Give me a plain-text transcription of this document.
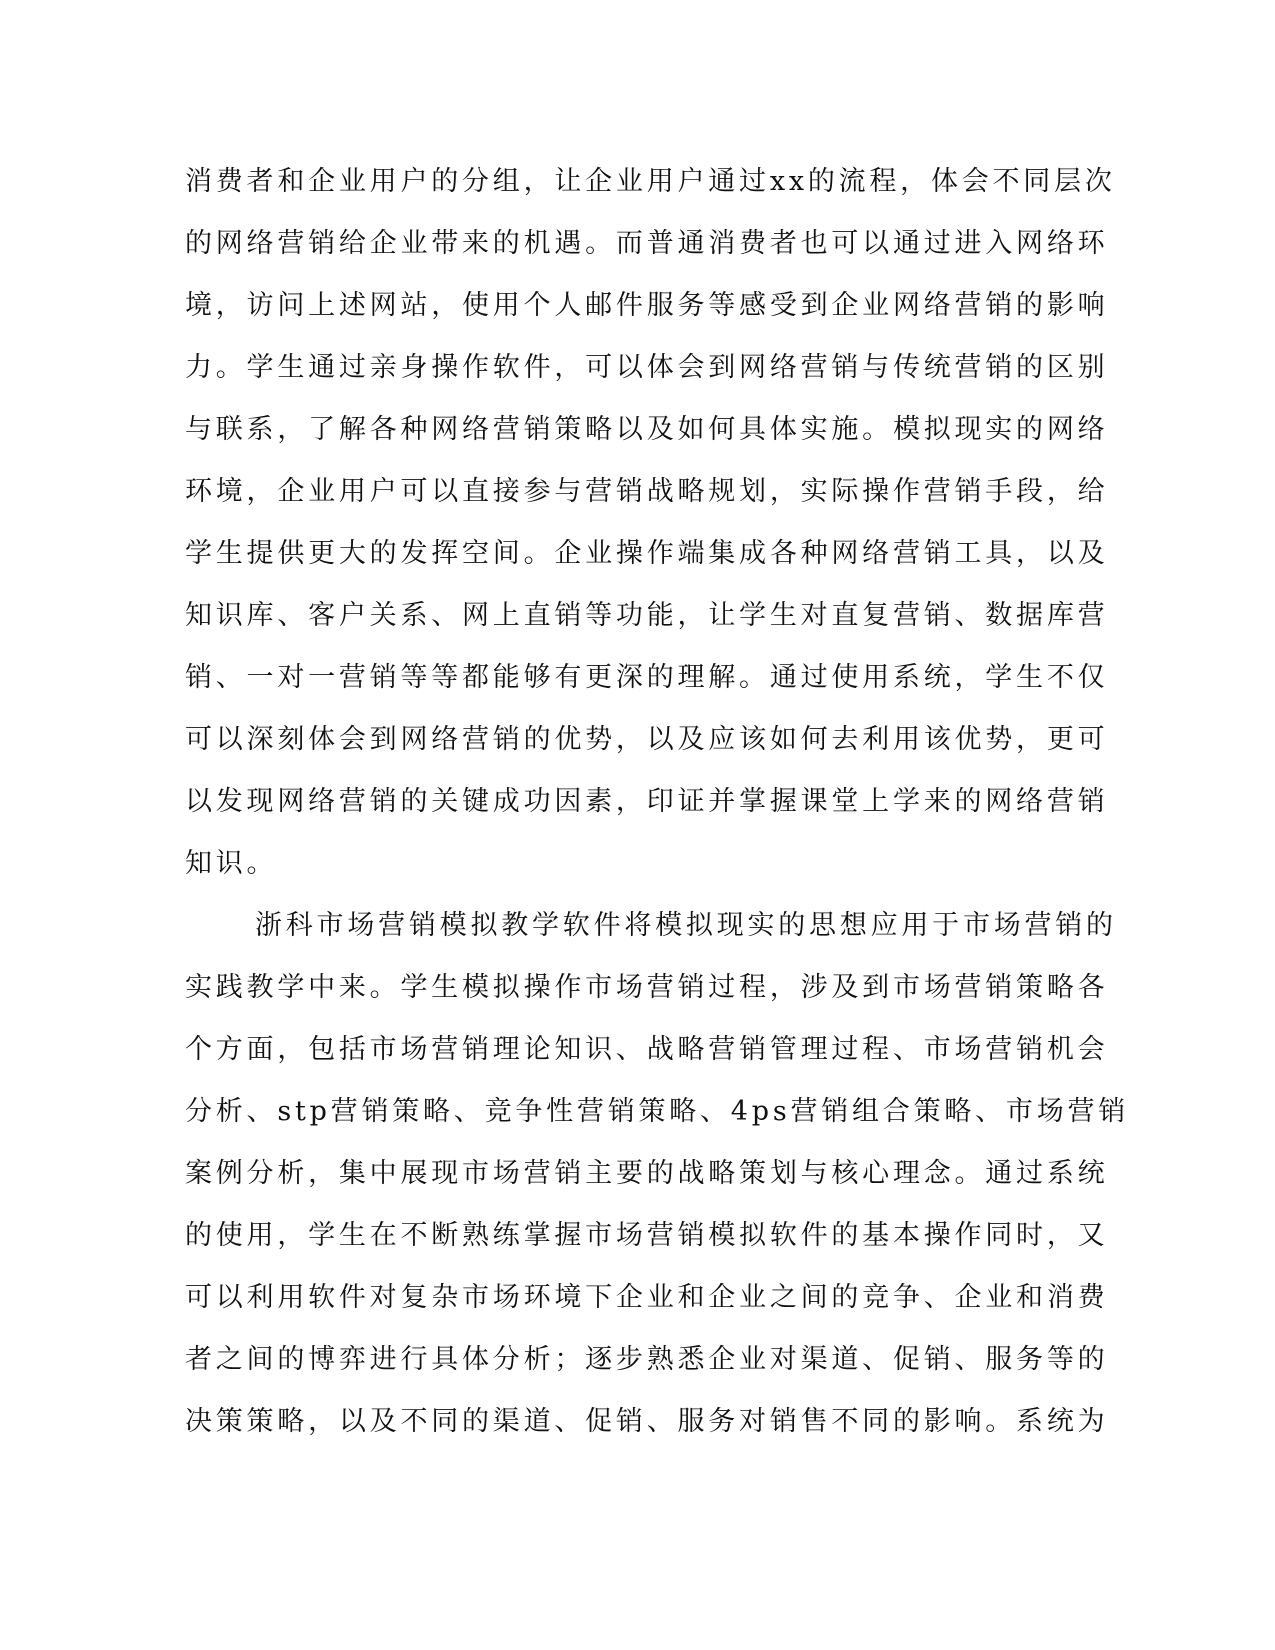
消费者和企业用户的分组，让企业用户通过xx的流程，体会不同层次
的网络营销给企业带来的机遇。而普通消费者也可以通过进入网络环
境，访问上述网站，使用个人邮件服务等感受到企业网络营销的影响
力。学生通过亲身操作软件，可以体会到网络营销与传统营销的区别
与联系，了解各种网络营销策略以及如何具体实施。模拟现实的网络
环境，企业用户可以直接参与营销战略规划，实际操作营销手段，给
学生提供更大的发挥空间。企业操作端集成各种网络营销工具，以及
知识库、客户关系、网上直销等功能，让学生对直复营销、数据库营
销、一对一营销等等都能够有更深的理解。通过使用系统，学生不仅
可以深刻体会到网络营销的优势，以及应该如何去利用该优势，更可
以发现网络营销的关键成功因素，印证并掌握课堂上学来的网络营销
知识。
浙科市场营销模拟教学软件将模拟现实的思想应用于市场营销的
实践教学中来。学生模拟操作市场营销过程，涉及到市场营销策略各
个方面，包括市场营销理论知识、战略营销管理过程、市场营销机会
分析、stp营销策略、竞争性营销策略、4ps营销组合策略、市场营销
案例分析，集中展现市场营销主要的战略策划与核心理念。通过系统
的使用，学生在不断熟练掌握市场营销模拟软件的基本操作同时，又
可以利用软件对复杂市场环境下企业和企业之间的竞争、企业和消费
者之间的博弈进行具体分析；逐步熟悉企业对渠道、促销、服务等的
决策策略，以及不同的渠道、促销、服务对销售不同的影响。系统为
